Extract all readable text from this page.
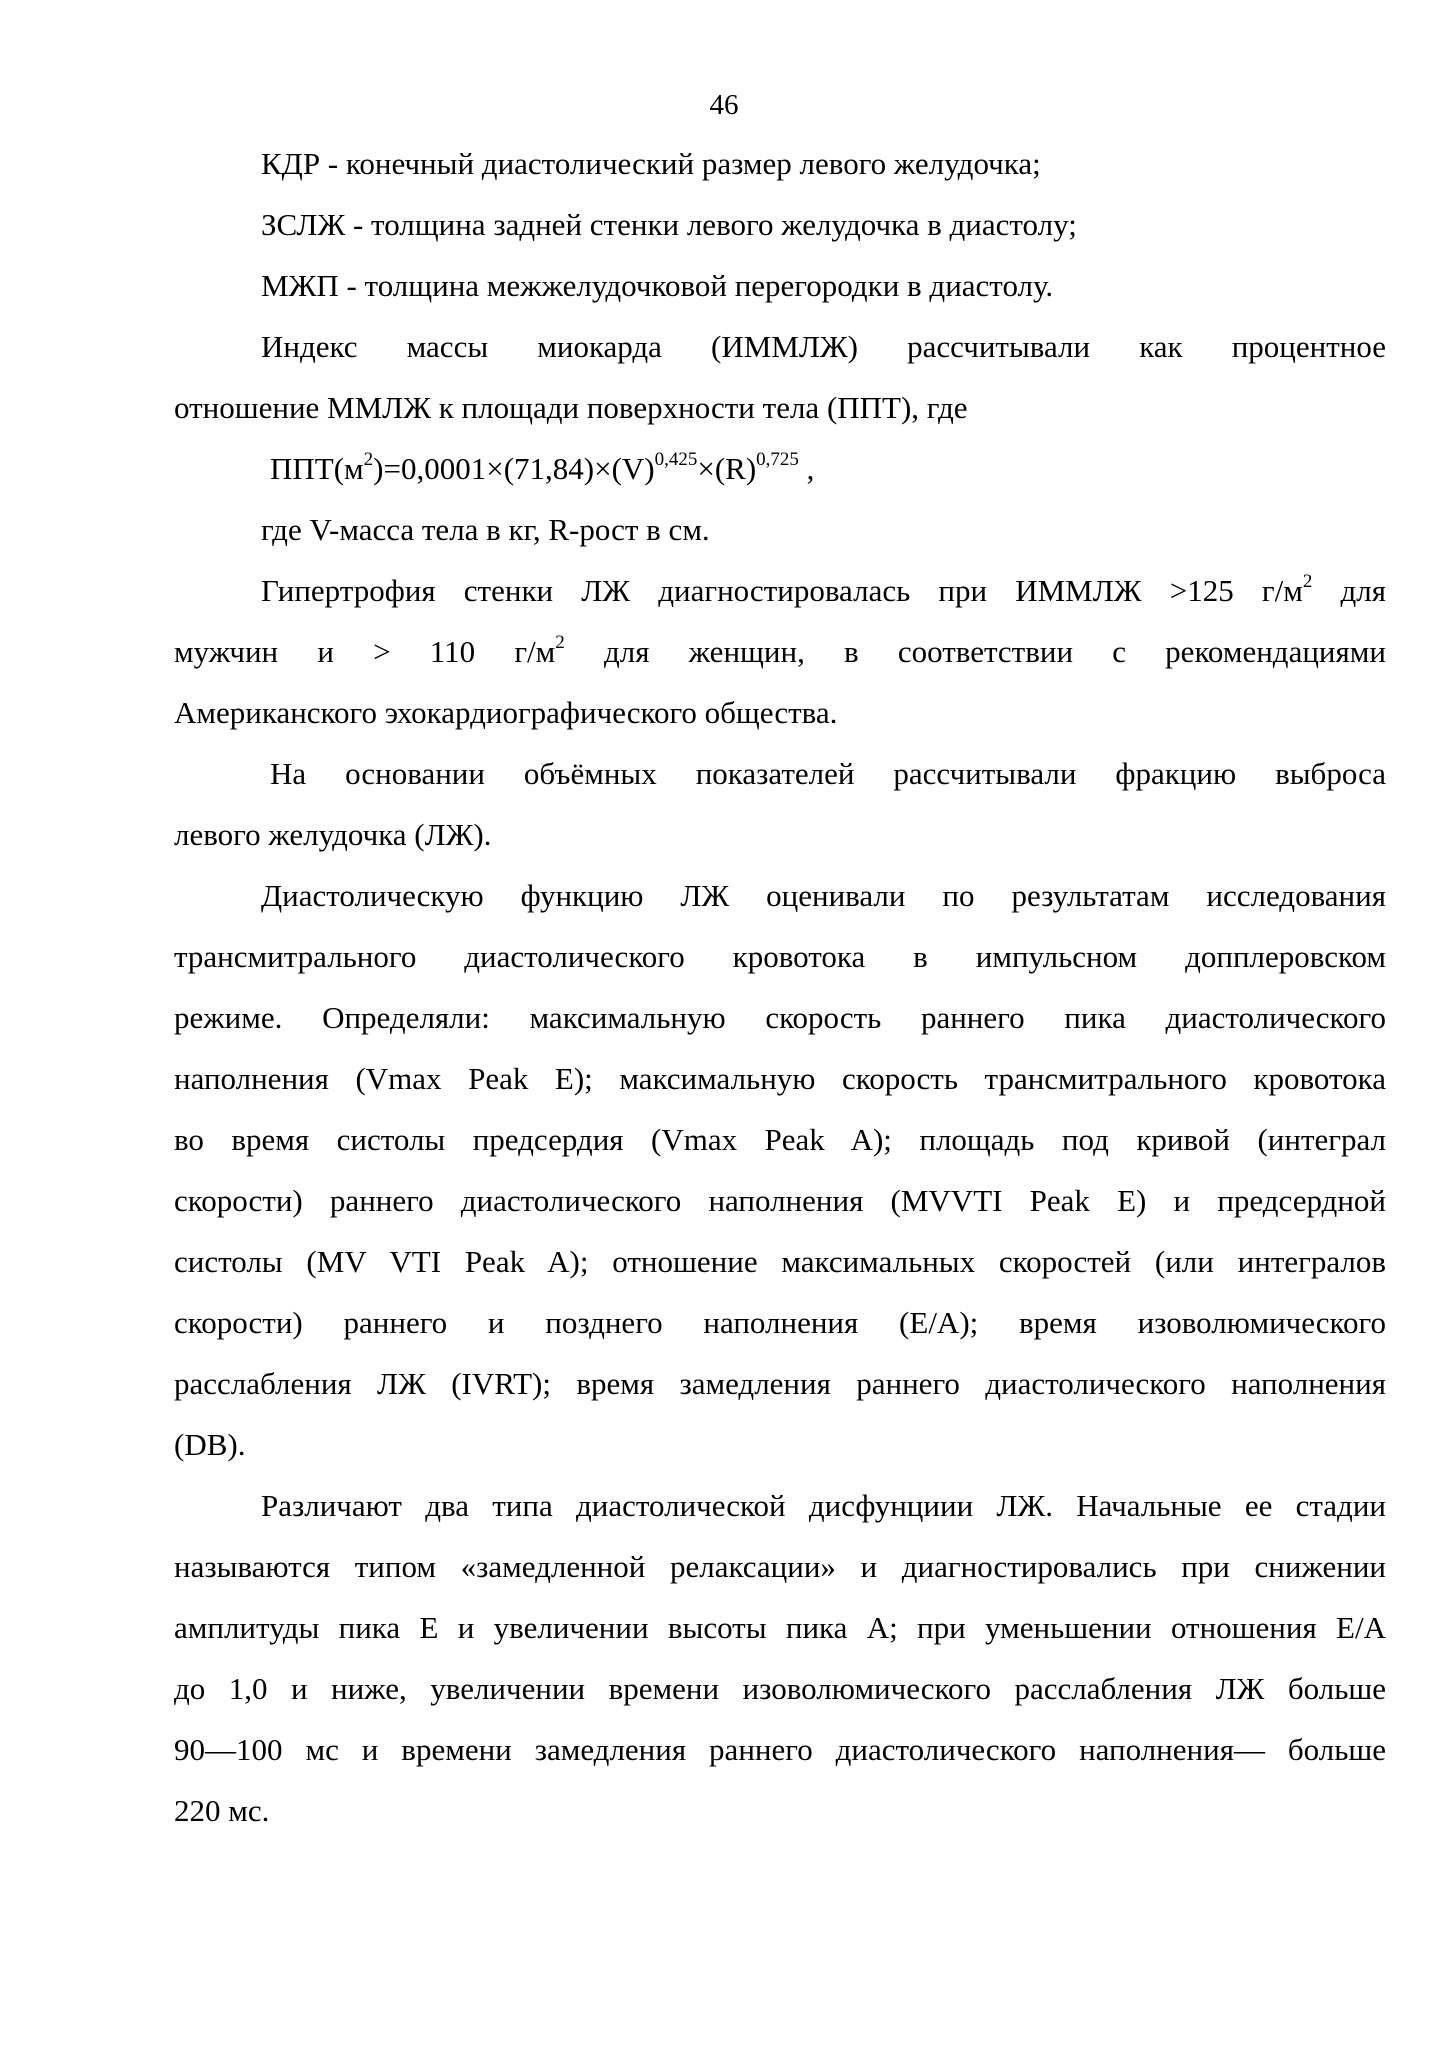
46
КДР - конечный диастолический размер левого желудочка;
ЗСЛЖ - толщина задней стенки левого желудочка в диастолу;
МЖП - толщина межжелудочковой перегородки в диастолу.
Индекс массы миокарда (ИММЛЖ) рассчитывали как процентное
отношение ММЛЖ к площади поверхности тела (ППТ), где
$ППТ(м^2)=0,0001\times(71,84)\times(V)^{0,425}\times(R)^{0,725}$ ,
где V-масса тела в кг, R-рост в см.
Гипертрофия стенки ЛЖ диагностировалась при ИММЛЖ >125 $г/м^2$ для
мужчин и > 110 $г/м^2$ для женщин, в соответствии с рекомендациями
Американского эхокардиографического общества.
На основании объёмных показателей рассчитывали фракцию выброса
левого желудочка (ЛЖ).
Диастолическую функцию ЛЖ оценивали по результатам исследования
трансмитрального диастолического кровотока в импульсном допплеровском
режиме. Определяли: максимальную скорость раннего пика диастолического
наполнения (Vmax Peak E); максимальную скорость трансмитрального кровотока
во время систолы предсердия (Vmax Peak A); площадь под кривой (интеграл
скорости) раннего диастолического наполнения (MVVTI Peak E) и предсердной
систолы (MV VTI Peak A); отношение максимальных скоростей (или интегралов
скорости) раннего и позднего наполнения (Е/А); время изоволюмического
расслабления ЛЖ (IVRT); время замедления раннего диастолического наполнения
(DB).
Различают два типа диастолической дисфунциии ЛЖ. Начальные ее стадии
называются типом «замедленной релаксации» и диагностировались при снижении
амплитуды пика Е и увеличении высоты пика А; при уменьшении отношения Е/А
до 1,0 и ниже, увеличении времени изоволюмического расслабления ЛЖ больше
90—100 мс и времени замедления раннего диастолического наполнения— больше
220 мс.
